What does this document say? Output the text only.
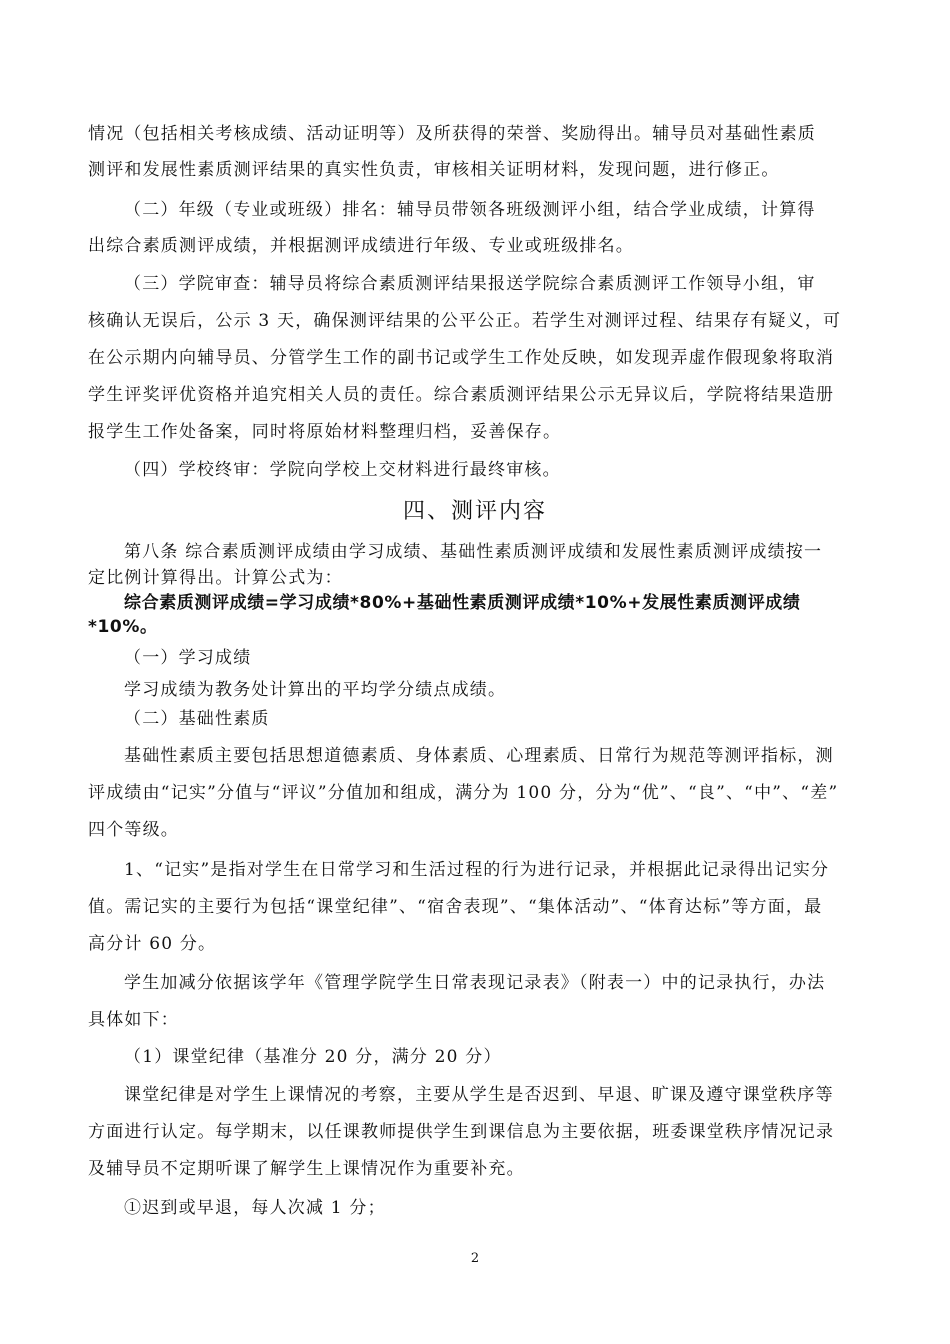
情况（包括相关考核成绩、活动证明等）及所获得的荣誉、奖励得出。辅导员对基础性素质
测评和发展性素质测评结果的真实性负责，审核相关证明材料，发现问题，进行修正。
（二）年级（专业或班级）排名：辅导员带领各班级测评小组，结合学业成绩，计算得
出综合素质测评成绩，并根据测评成绩进行年级、专业或班级排名。
（三）学院审查：辅导员将综合素质测评结果报送学院综合素质测评工作领导小组，审
核确认无误后，公示 3 天，确保测评结果的公平公正。若学生对测评过程、结果存有疑义，可
在公示期内向辅导员、分管学生工作的副书记或学生工作处反映，如发现弄虚作假现象将取消
学生评奖评优资格并追究相关人员的责任。综合素质测评结果公示无异议后，学院将结果造册
报学生工作处备案，同时将原始材料整理归档，妥善保存。
（四）学校终审：学院向学校上交材料进行最终审核。
四、测评内容
第八条 综合素质测评成绩由学习成绩、基础性素质测评成绩和发展性素质测评成绩按一
定比例计算得出。计算公式为：
综合素质测评成绩=学习成绩*80%+基础性素质测评成绩*10%+发展性素质测评成绩
*10%。
（一）学习成绩
学习成绩为教务处计算出的平均学分绩点成绩。
（二）基础性素质
基础性素质主要包括思想道德素质、身体素质、心理素质、日常行为规范等测评指标，测
评成绩由“记实”分值与“评议”分值加和组成，满分为 100 分，分为“优”、“良”、“中”、“差”
四个等级。
1、“记实”是指对学生在日常学习和生活过程的行为进行记录，并根据此记录得出记实分
值。需记实的主要行为包括“课堂纪律”、“宿舍表现”、“集体活动”、“体育达标”等方面，最
高分计 60 分。
学生加减分依据该学年《管理学院学生日常表现记录表》（附表一）中的记录执行，办法
具体如下：
（1）课堂纪律（基准分 20 分，满分 20 分）
课堂纪律是对学生上课情况的考察，主要从学生是否迟到、早退、旷课及遵守课堂秩序等
方面进行认定。每学期末，以任课教师提供学生到课信息为主要依据，班委课堂秩序情况记录
及辅导员不定期听课了解学生上课情况作为重要补充。
①迟到或早退，每人次减 1 分；
2
